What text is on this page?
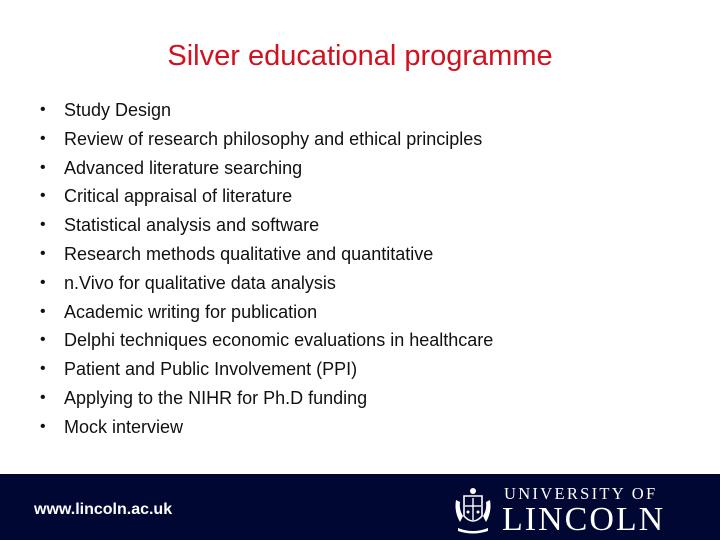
Silver educational programme
•	Study Design
•	Review of research philosophy and ethical principles
•	Advanced literature searching
•	Critical appraisal of literature
•	Statistical analysis and software
•	Research methods qualitative and quantitative
•	n.Vivo for qualitative data analysis
•	Academic writing for publication
•	Delphi techniques economic evaluations in healthcare
•	Patient and Public Involvement (PPI)
•	Applying to the NIHR for Ph.D funding
•	Mock interview
www.lincoln.ac.uk
UNIVERSITY OF
LINCOLN
